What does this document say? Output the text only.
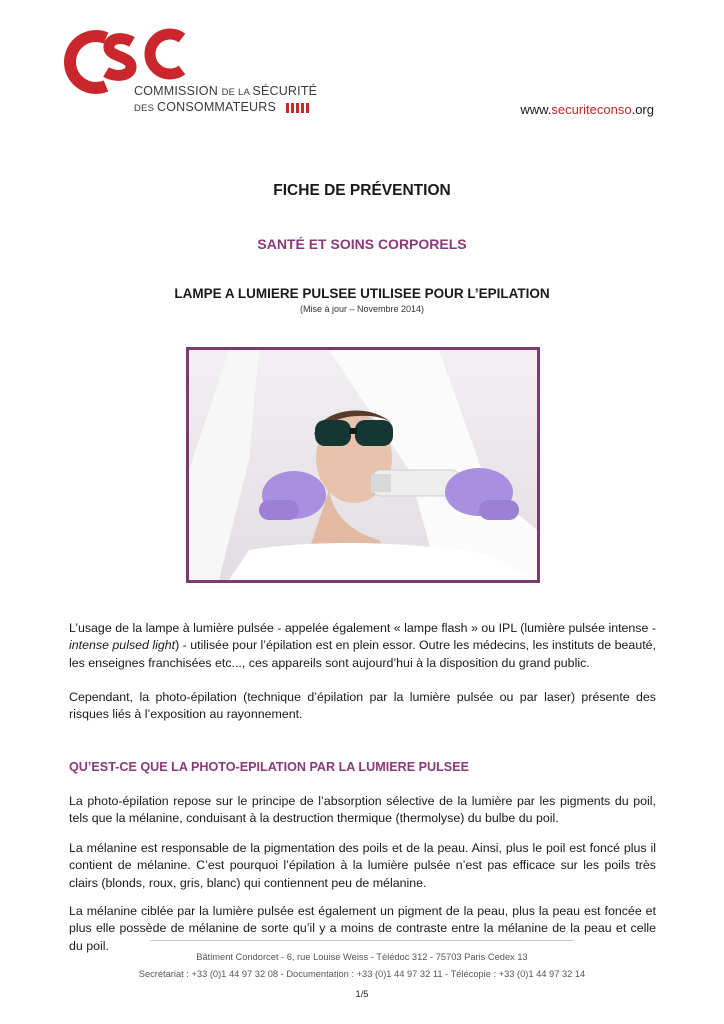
COMMISSION DE LA SÉCURITÉ
DES CONSOMMATEURS	www.securiteconso.org
FICHE DE PRÉVENTION
SANTÉ ET SOINS CORPORELS
LAMPE A LUMIERE PULSEE UTILISEE POUR L’EPILATION
(Mise à jour – Novembre 2014)

L’usage de la lampe à lumière pulsée - appelée également « lampe flash » ou IPL (lumière pulsée intense - intense pulsed light) - utilisée pour l’épilation est en plein essor. Outre les médecins, les instituts de beauté, les enseignes franchisées etc..., ces appareils sont aujourd’hui à la disposition du grand public.

Cependant, la photo-épilation (technique d’épilation par la lumière pulsée ou par laser) présente des risques liés à l’exposition au rayonnement.

QU’EST-CE QUE LA PHOTO-EPILATION PAR LA LUMIERE PULSEE

La photo-épilation repose sur le principe de l’absorption sélective de la lumière par les pigments du poil, tels que la mélanine, conduisant à la destruction thermique (thermolyse) du bulbe du poil.

La mélanine est responsable de la pigmentation des poils et de la peau. Ainsi, plus le poil est foncé plus il contient de mélanine. C’est pourquoi l’épilation à la lumière pulsée n’est pas efficace sur les poils très clairs (blonds, roux, gris, blanc) qui contiennent peu de mélanine.

La mélanine ciblée par la lumière pulsée est également un pigment de la peau, plus la peau est foncée et plus elle possède de mélanine de sorte qu’il y a moins de contraste entre la mélanine de la peau et celle du poil.

Bâtiment Condorcet - 6, rue Louise Weiss - Télédoc 312 - 75703 Paris Cedex 13
Secrétariat : +33 (0)1 44 97 32 08 - Documentation : +33 (0)1 44 97 32 11 - Télécopie : +33 (0)1 44 97 32 14
1/5
